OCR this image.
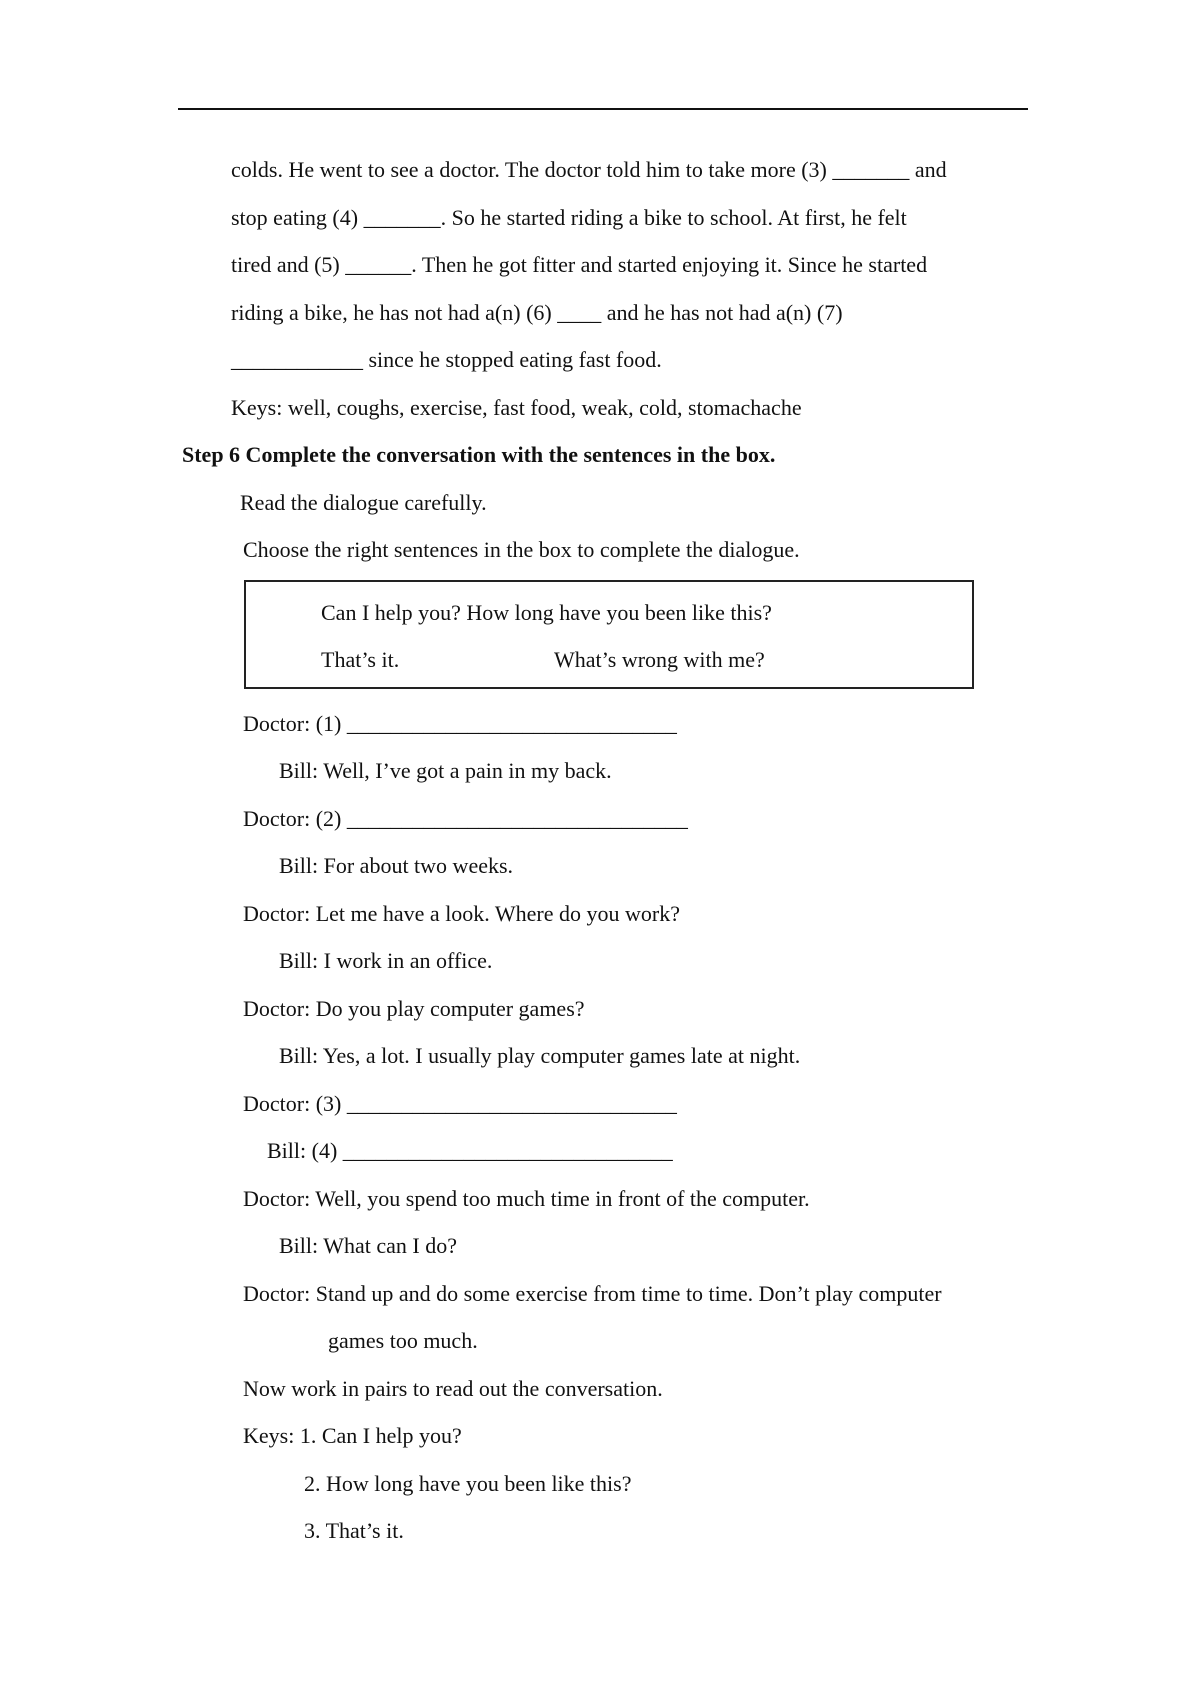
colds. He went to see a doctor. The doctor told him to take more (3) _______ and
stop eating (4) _______. So he started riding a bike to school. At first, he felt
tired and (5) ______. Then he got fitter and started enjoying it. Since he started
riding a bike, he has not had a(n) (6) ____ and he has not had a(n) (7)
____________ since he stopped eating fast food.
Keys: well, coughs, exercise, fast food, weak, cold, stomachache
Step 6 Complete the conversation with the sentences in the box.
Read the dialogue carefully.
Choose the right sentences in the box to complete the dialogue.
Can I help you? How long have you been like this?
That’s it.	What’s wrong with me?
Doctor: (1) ______________________________
Bill: Well, I’ve got a pain in my back.
Doctor: (2) _______________________________
Bill: For about two weeks.
Doctor: Let me have a look. Where do you work?
Bill: I work in an office.
Doctor: Do you play computer games?
Bill: Yes, a lot. I usually play computer games late at night.
Doctor: (3) ______________________________
Bill: (4) ______________________________
Doctor: Well, you spend too much time in front of the computer.
Bill: What can I do?
Doctor: Stand up and do some exercise from time to time. Don’t play computer
games too much.
Now work in pairs to read out the conversation.
Keys: 1. Can I help you?
2. How long have you been like this?
3. That’s it.
